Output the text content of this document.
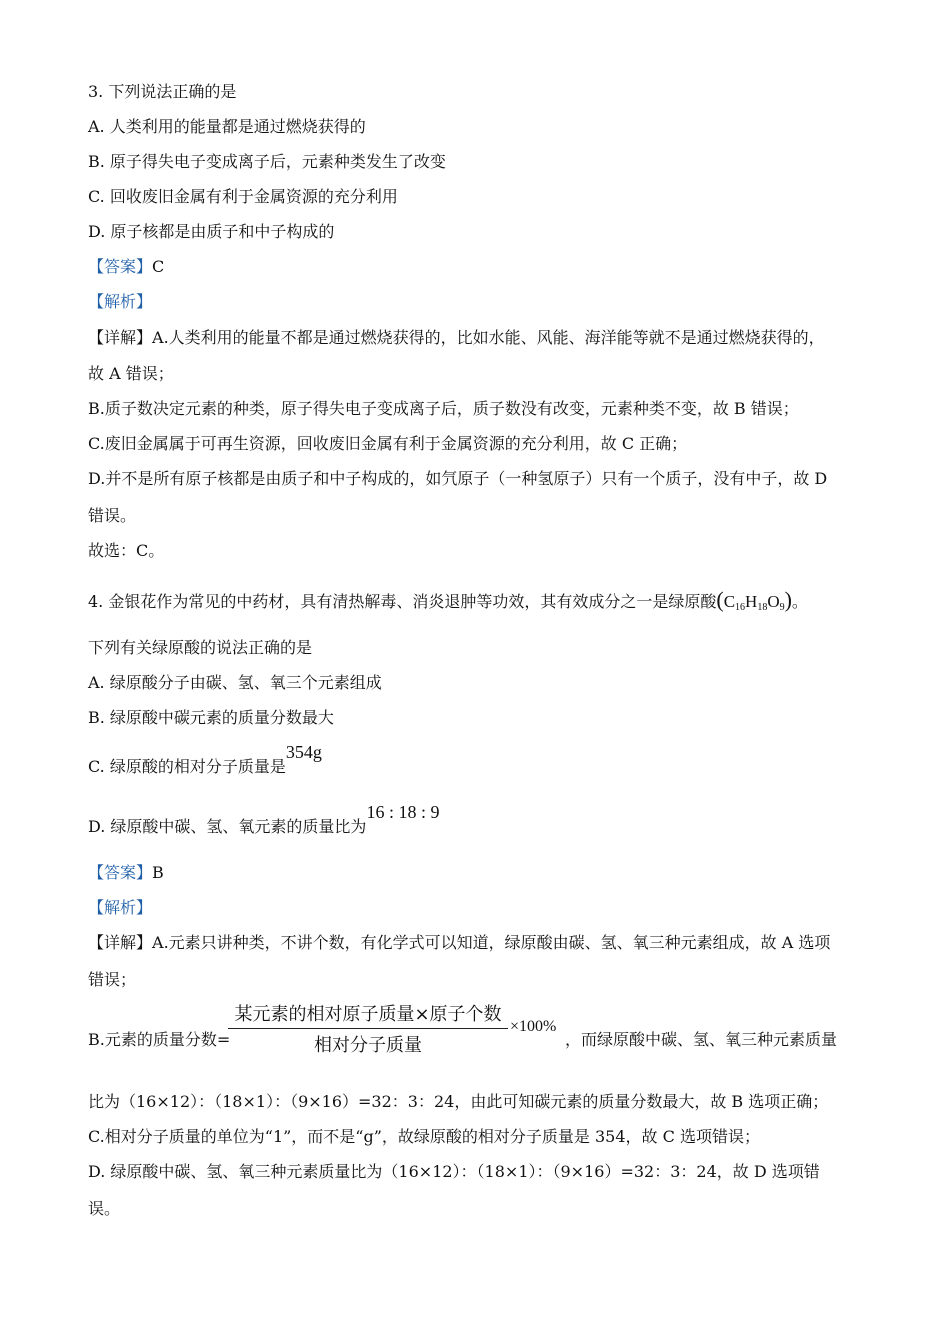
3. 下列说法正确的是
A. 人类利用的能量都是通过燃烧获得的
B. 原子得失电子变成离子后，元素种类发生了改变
C. 回收废旧金属有利于金属资源的充分利用
D. 原子核都是由质子和中子构成的
【答案】C
【解析】
【详解】A.人类利用的能量不都是通过燃烧获得的，比如水能、风能、海洋能等就不是通过燃烧获得的，
故 A 错误；
B.质子数决定元素的种类，原子得失电子变成离子后，质子数没有改变，元素种类不变，故 B 错误；
C.废旧金属属于可再生资源，回收废旧金属有利于金属资源的充分利用，故 C 正确；
D.并不是所有原子核都是由质子和中子构成的，如氕原子（一种氢原子）只有一个质子，没有中子，故 D
错误。
故选：C。
4. 金银花作为常见的中药材，具有清热解毒、消炎退肿等功效，其有效成分之一是绿原酸$(C_{16}H_{18}O_9)$。
下列有关绿原酸的说法正确的是
A. 绿原酸分子由碳、氢、氧三个元素组成
B. 绿原酸中碳元素的质量分数最大
C. 绿原酸的相对分子质量是354g
D. 绿原酸中碳、氢、氧元素的质量比为16 : 18 : 9
【答案】B
【解析】
【详解】A.元素只讲种类，不讲个数，有化学式可以知道，绿原酸由碳、氢、氧三种元素组成，故 A 选项
错误；
B.元素的质量分数=
某元素的相对原子质量×原子个数
相对分子质量
×100%
，而绿原酸中碳、氢、氧三种元素质量
比为（16×12）：（18×1）：（9×16）=32：3：24，由此可知碳元素的质量分数最大，故 B 选项正确；
C.相对分子质量的单位为“1”，而不是“g”，故绿原酸的相对分子质量是 354，故 C 选项错误；
D. 绿原酸中碳、氢、氧三种元素质量比为（16×12）：（18×1）：（9×16）=32：3：24，故 D 选项错
误。
